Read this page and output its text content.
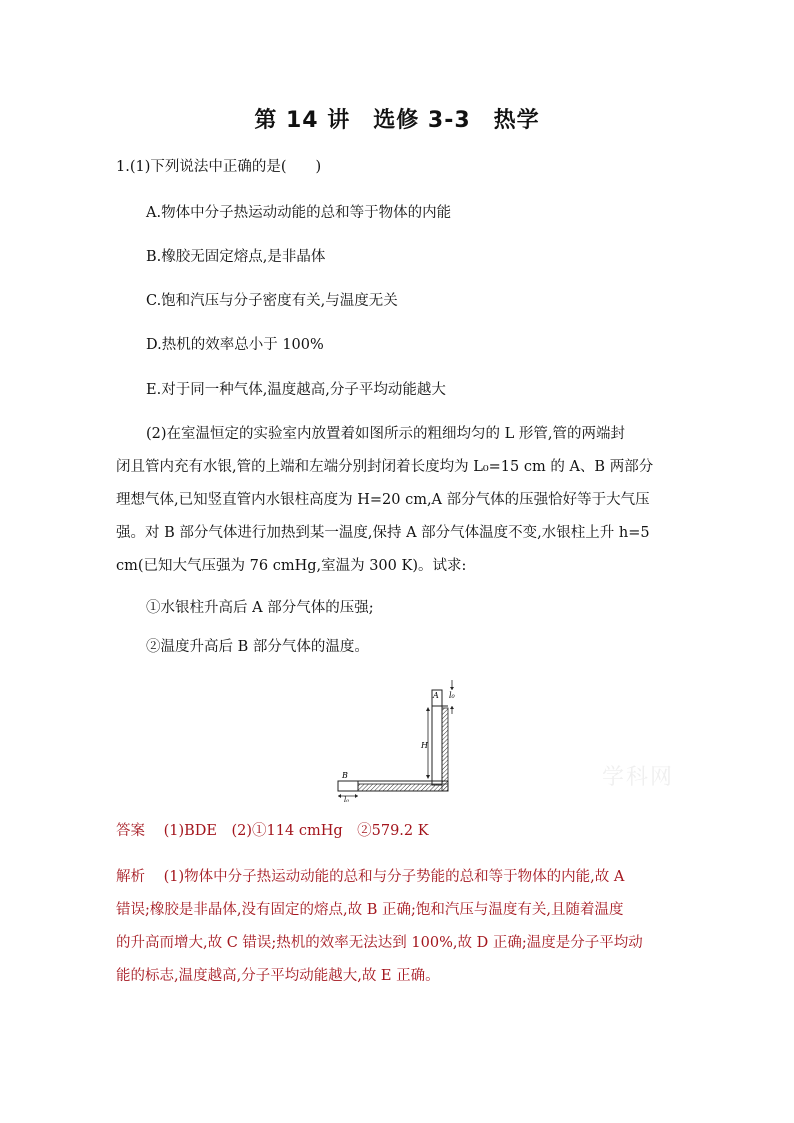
第 14 讲　选修 3-3　热学
1.(1)下列说法中正确的是(　　)
A.物体中分子热运动动能的总和等于物体的内能
B.橡胶无固定熔点,是非晶体
C.饱和汽压与分子密度有关,与温度无关
D.热机的效率总小于 100%
E.对于同一种气体,温度越高,分子平均动能越大
(2)在室温恒定的实验室内放置着如图所示的粗细均匀的 L 形管,管的两端封
闭且管内充有水银,管的上端和左端分别封闭着长度均为 L₀=15 cm 的 A、B 两部分
理想气体,已知竖直管内水银柱高度为 H=20 cm,A 部分气体的压强恰好等于大气压
强。对 B 部分气体进行加热到某一温度,保持 A 部分气体温度不变,水银柱上升 h=5
cm(已知大气压强为 76 cmHg,室温为 300 K)。试求:
①水银柱升高后 A 部分气体的压强;
②温度升高后 B 部分气体的温度。
A l₀
H
B
l₀
学科网
答案 (1)BDE　(2)①114 cmHg　②579.2 K
解析 (1)物体中分子热运动动能的总和与分子势能的总和等于物体的内能,故 A
错误;橡胶是非晶体,没有固定的熔点,故 B 正确;饱和汽压与温度有关,且随着温度
的升高而增大,故 C 错误;热机的效率无法达到 100%,故 D 正确;温度是分子平均动
能的标志,温度越高,分子平均动能越大,故 E 正确。
